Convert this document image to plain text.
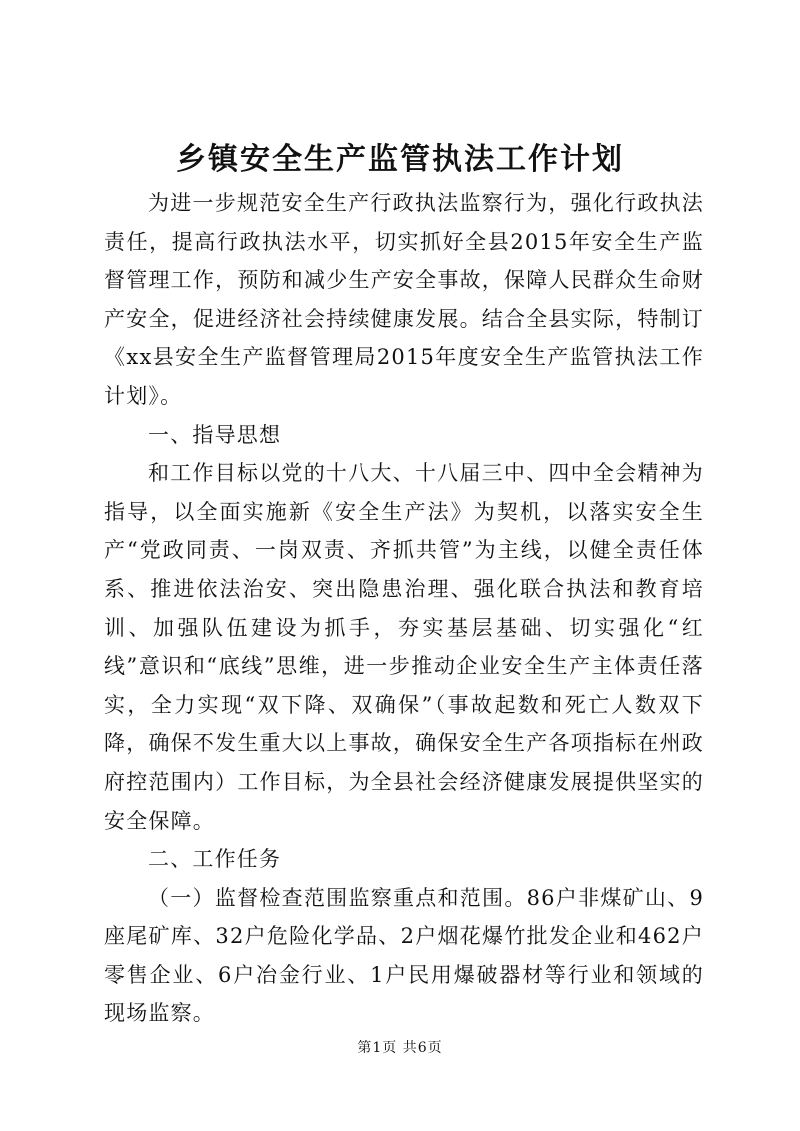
乡镇安全生产监管执法工作计划

为进一步规范安全生产行政执法监察行为，强化行政执法责任，提高行政执法水平，切实抓好全县2015年安全生产监督管理工作，预防和减少生产安全事故，保障人民群众生命财产安全，促进经济社会持续健康发展。结合全县实际，特制订《xx县安全生产监督管理局2015年度安全生产监管执法工作计划》。

一、指导思想

和工作目标以党的十八大、十八届三中、四中全会精神为指导，以全面实施新《安全生产法》为契机，以落实安全生产“党政同责、一岗双责、齐抓共管”为主线，以健全责任体系、推进依法治安、突出隐患治理、强化联合执法和教育培训、加强队伍建设为抓手，夯实基层基础、切实强化“红线”意识和“底线”思维，进一步推动企业安全生产主体责任落实，全力实现“双下降、双确保”（事故起数和死亡人数双下降，确保不发生重大以上事故，确保安全生产各项指标在州政府控范围内）工作目标，为全县社会经济健康发展提供坚实的安全保障。

二、工作任务

（一）监督检查范围监察重点和范围。86户非煤矿山、9座尾矿库、32户危险化学品、2户烟花爆竹批发企业和462户零售企业、6户冶金行业、1户民用爆破器材等行业和领域的现场监察。

第1页 共6页
